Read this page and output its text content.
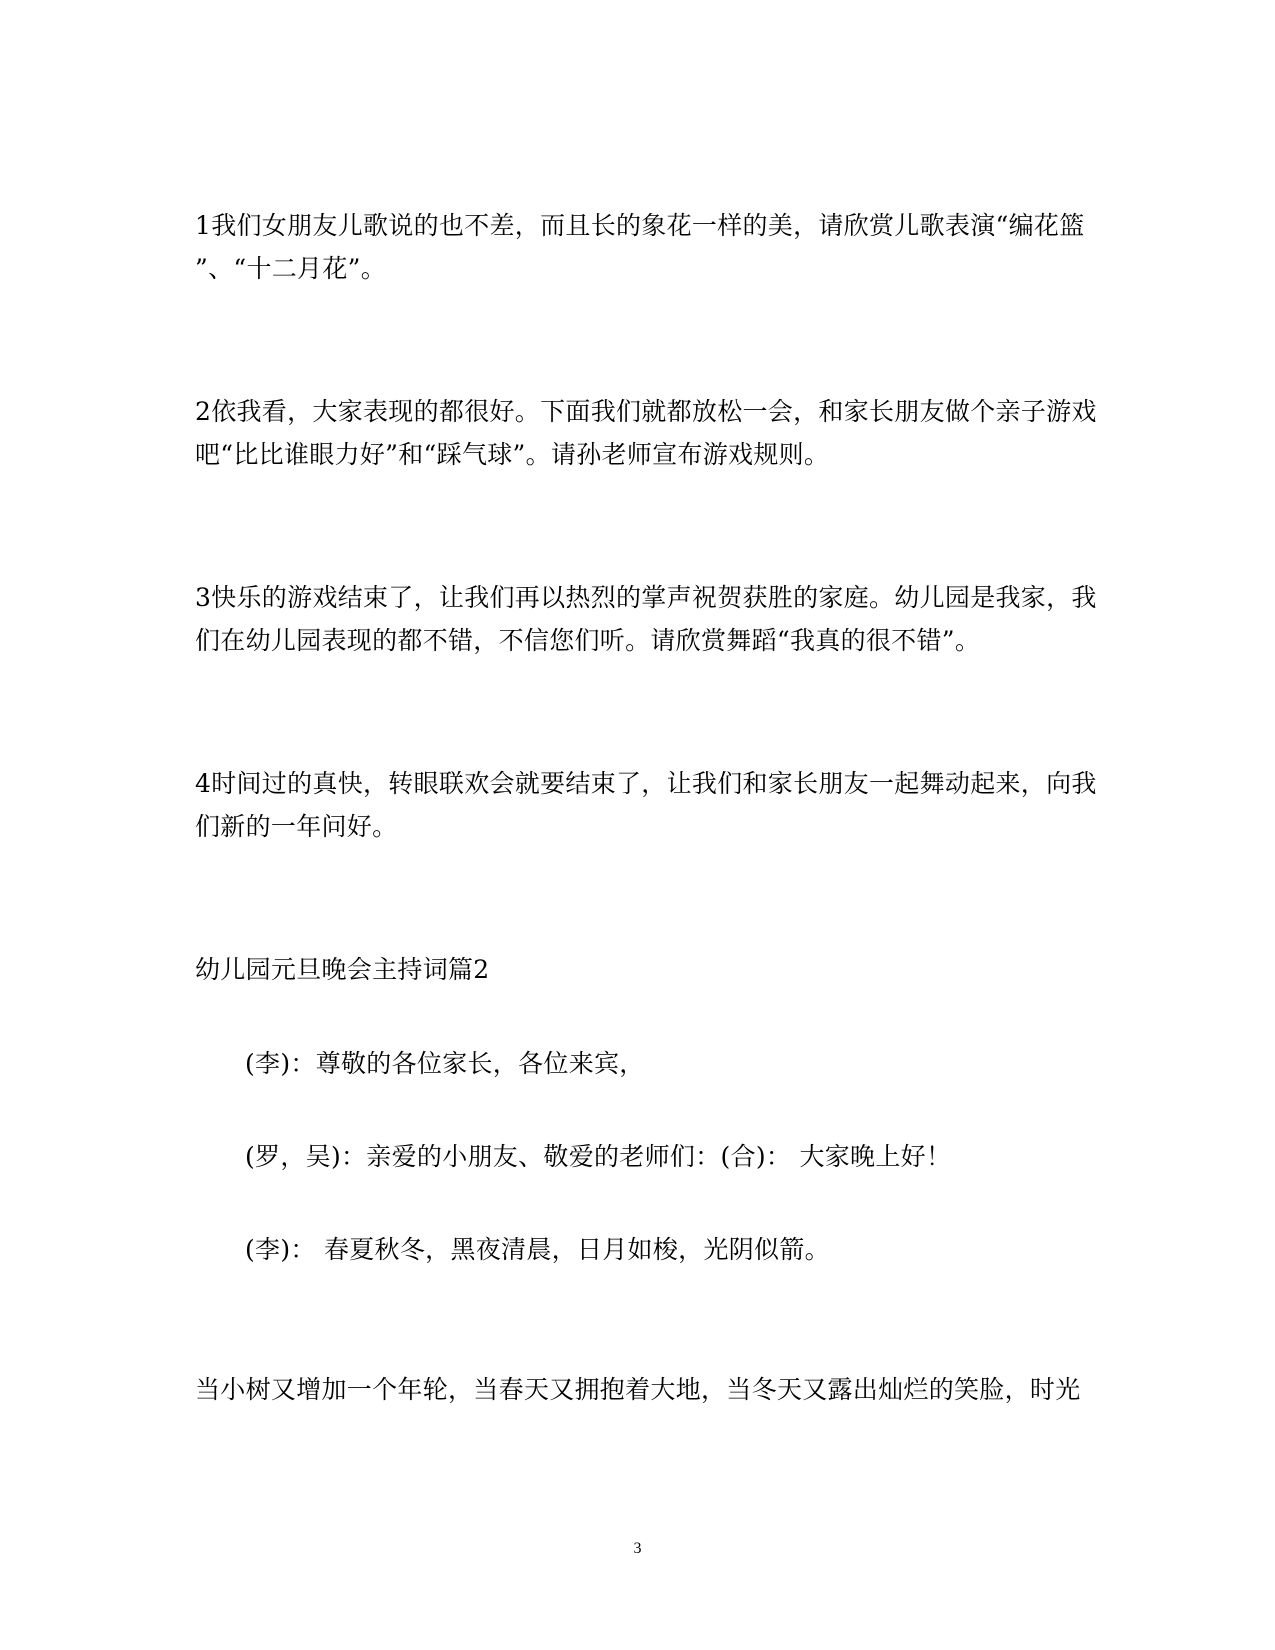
1我们女朋友儿歌说的也不差，而且长的象花一样的美，请欣赏儿歌表演“编花篮
”、“十二月花”。
2依我看，大家表现的都很好。下面我们就都放松一会，和家长朋友做个亲子游戏
吧“比比谁眼力好”和“踩气球”。请孙老师宣布游戏规则。
3快乐的游戏结束了，让我们再以热烈的掌声祝贺获胜的家庭。幼儿园是我家，我
们在幼儿园表现的都不错，不信您们听。请欣赏舞蹈“我真的很不错”。
4时间过的真快，转眼联欢会就要结束了，让我们和家长朋友一起舞动起来，向我
们新的一年问好。
幼儿园元旦晚会主持词篇2
(李)：尊敬的各位家长，各位来宾，
(罗，吴)：亲爱的小朋友、敬爱的老师们：(合)： 大家晚上好！
(李)： 春夏秋冬，黑夜清晨，日月如梭，光阴似箭。
当小树又增加一个年轮，当春天又拥抱着大地，当冬天又露出灿烂的笑脸，时光
3
